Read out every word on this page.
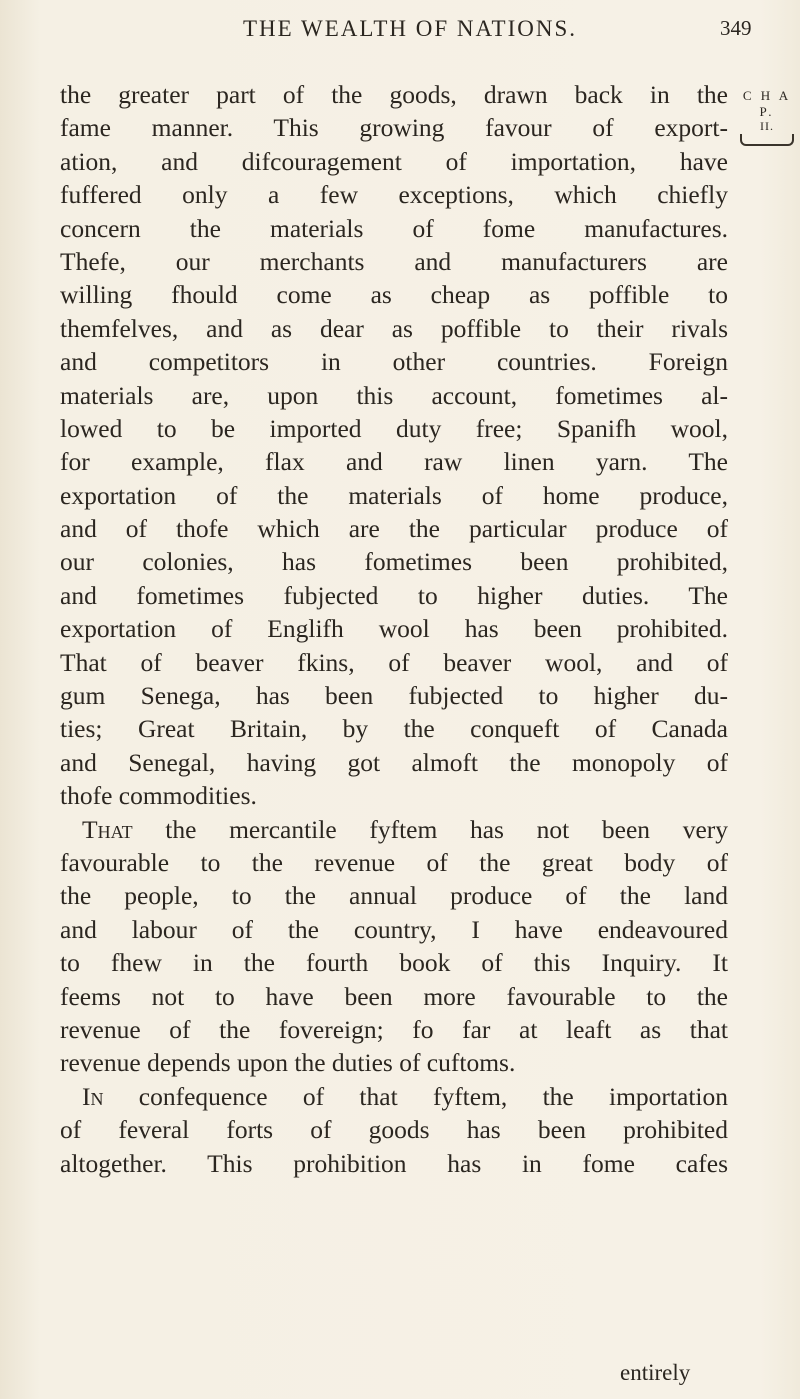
THE WEALTH OF NATIONS.	349
C H A P.
II.
the greater part of the goods, drawn back in the
fame manner. This growing favour of export-
ation, and difcouragement of importation, have
fuffered only a few exceptions, which chiefly
concern the materials of fome manufactures.
Thefe, our merchants and manufacturers are
willing fhould come as cheap as poffible to
themfelves, and as dear as poffible to their rivals
and competitors in other countries. Foreign
materials are, upon this account, fometimes al-
lowed to be imported duty free; Spanifh wool,
for example, flax and raw linen yarn. The
exportation of the materials of home produce,
and of thofe which are the particular produce of
our colonies, has fometimes been prohibited,
and fometimes fubjected to higher duties. The
exportation of Englifh wool has been prohibited.
That of beaver fkins, of beaver wool, and of
gum Senega, has been fubjected to higher du-
ties; Great Britain, by the conqueft of Canada
and Senegal, having got almoft the monopoly of
thofe commodities.
That the mercantile fyftem has not been very
favourable to the revenue of the great body of
the people, to the annual produce of the land
and labour of the country, I have endeavoured
to fhew in the fourth book of this Inquiry. It
feems not to have been more favourable to the
revenue of the fovereign; fo far at leaft as that
revenue depends upon the duties of cuftoms.
In confequence of that fyftem, the importation
of feveral forts of goods has been prohibited
altogether. This prohibition has in fome cafes
entirely
